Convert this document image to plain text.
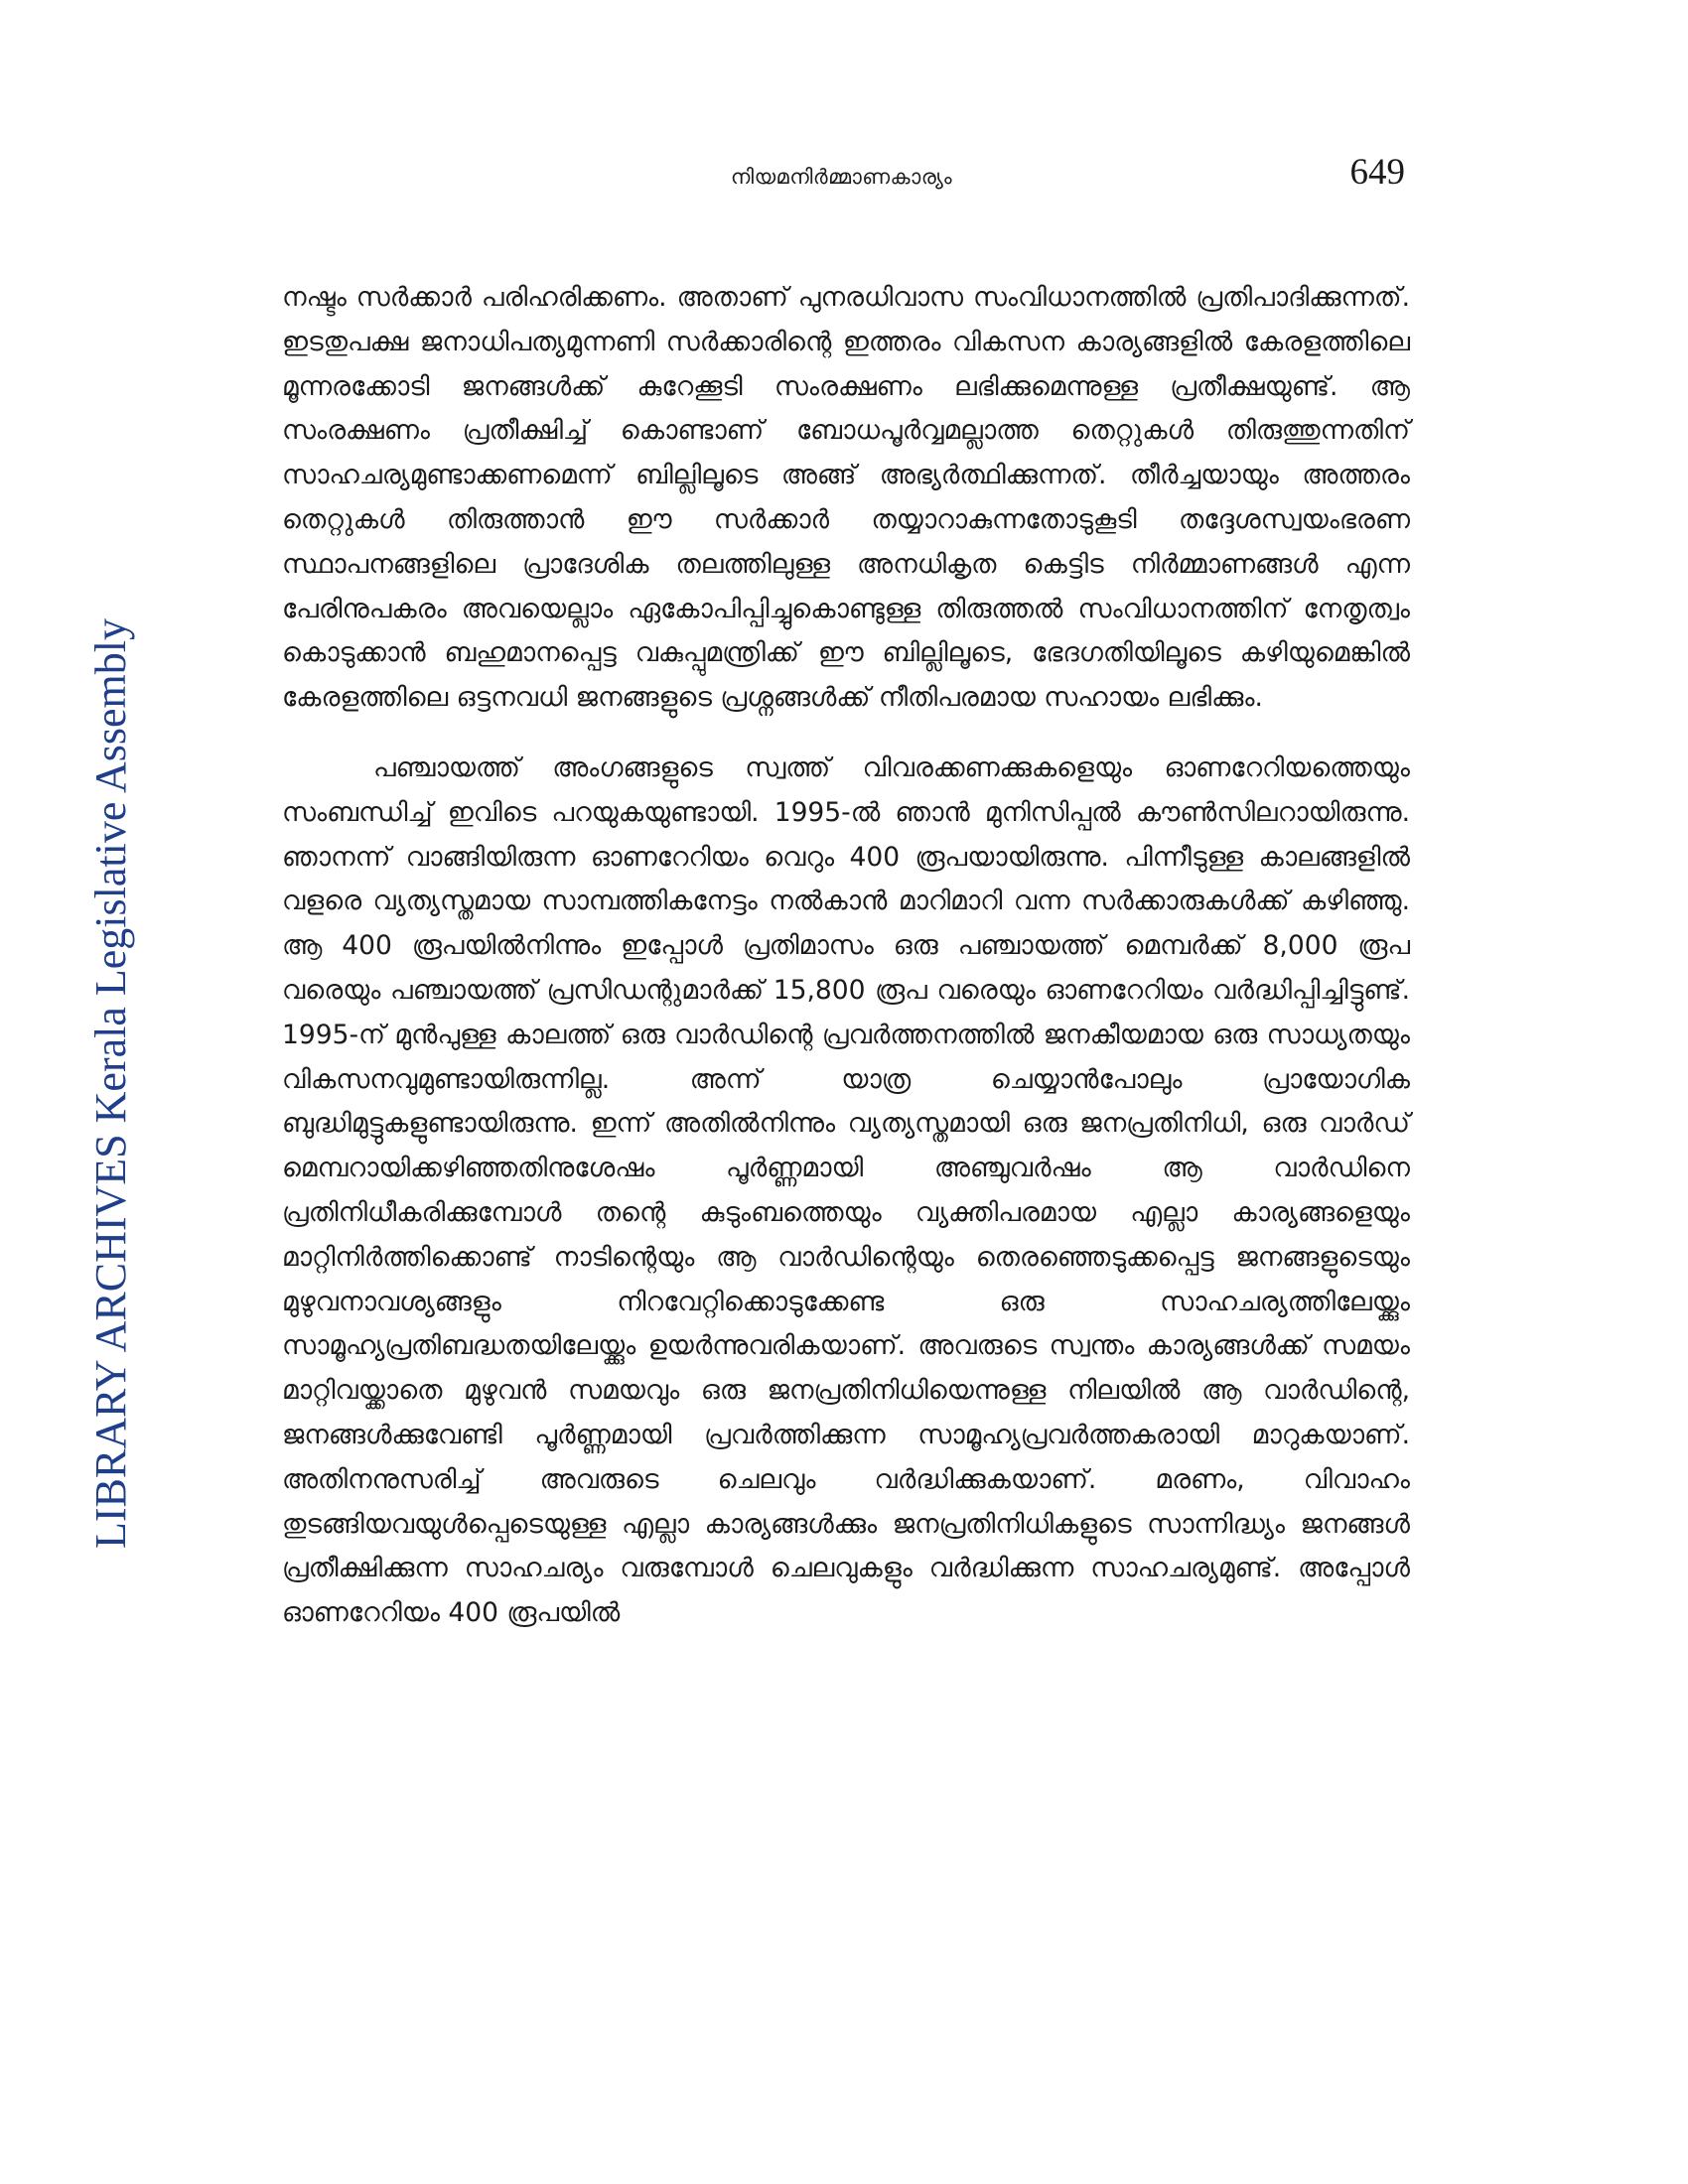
നിയമനിർമ്മാണകാര്യം	649
LIBRARY ARCHIVES Kerala Legislative Assembly

നഷ്ടം സർക്കാർ പരിഹരിക്കണം. അതാണ് പുനരധിവാസ സംവിധാനത്തിൽ പ്രതിപാദിക്കുന്നത്. ഇടതുപക്ഷ ജനാധിപത്യമുന്നണി സർക്കാരിന്റെ ഇത്തരം വികസന കാര്യങ്ങളിൽ കേരളത്തിലെ മൂന്നരക്കോടി ജനങ്ങൾക്ക് കുറേക്കൂടി സംരക്ഷണം ലഭിക്കുമെന്നുള്ള പ്രതീക്ഷയുണ്ട്. ആ സംരക്ഷണം പ്രതീക്ഷിച്ച് കൊണ്ടാണ് ബോധപൂർവ്വമല്ലാത്ത തെറ്റുകൾ തിരുത്തുന്നതിന് സാഹചര്യമുണ്ടാക്കണമെന്ന് ബില്ലിലൂടെ അങ്ങ് അഭ്യർത്ഥിക്കുന്നത്. തീർച്ചയായും അത്തരം തെറ്റുകൾ തിരുത്താൻ ഈ സർക്കാർ തയ്യാറാകുന്നതോടുകൂടി തദ്ദേശസ്വയംഭരണ സ്ഥാപനങ്ങളിലെ പ്രാദേശിക തലത്തിലുള്ള അനധികൃത കെട്ടിട നിർമ്മാണങ്ങൾ എന്ന പേരിനുപകരം അവയെല്ലാം ഏകോപിപ്പിച്ചുകൊണ്ടുള്ള തിരുത്തൽ സംവിധാനത്തിന് നേതൃത്വം കൊടുക്കാൻ ബഹുമാനപ്പെട്ട വകുപ്പുമന്ത്രിക്ക് ഈ ബില്ലിലൂടെ, ഭേദഗതിയിലൂടെ കഴിയുമെങ്കിൽ കേരളത്തിലെ ഒട്ടനവധി ജനങ്ങളുടെ പ്രശ്നങ്ങൾക്ക് നീതിപരമായ സഹായം ലഭിക്കും.

പഞ്ചായത്ത് അംഗങ്ങളുടെ സ്വത്ത് വിവരക്കണക്കുകളെയും ഓണറേറിയത്തെയും സംബന്ധിച്ച് ഇവിടെ പറയുകയുണ്ടായി. 1995-ൽ ഞാൻ മുനിസിപ്പൽ കൗൺസിലറായിരുന്നു. ഞാനന്ന് വാങ്ങിയിരുന്ന ഓണറേറിയം വെറും 400 രൂപയായിരുന്നു. പിന്നീടുള്ള കാലങ്ങളിൽ വളരെ വ്യത്യസ്തമായ സാമ്പത്തികനേട്ടം നൽകാൻ മാറിമാറി വന്ന സർക്കാരുകൾക്ക് കഴിഞ്ഞു. ആ 400 രൂപയിൽനിന്നും ഇപ്പോൾ പ്രതിമാസം ഒരു പഞ്ചായത്ത് മെമ്പർക്ക് 8,000 രൂപ വരെയും പഞ്ചായത്ത് പ്രസിഡന്റുമാർക്ക് 15,800 രൂപ വരെയും ഓണറേറിയം വർദ്ധിപ്പിച്ചിട്ടുണ്ട്. 1995-ന് മുൻപുള്ള കാലത്ത് ഒരു വാർഡിന്റെ പ്രവർത്തനത്തിൽ ജനകീയമായ ഒരു സാധ്യതയും വികസനവുമുണ്ടായിരുന്നില്ല. അന്ന് യാത്ര ചെയ്യാൻപോലും പ്രായോഗിക ബുദ്ധിമുട്ടുകളുണ്ടായിരുന്നു. ഇന്ന് അതിൽനിന്നും വ്യത്യസ്തമായി ഒരു ജനപ്രതിനിധി, ഒരു വാർഡ് മെമ്പറായിക്കഴിഞ്ഞതിനുശേഷം പൂർണ്ണമായി അഞ്ചുവർഷം ആ വാർഡിനെ പ്രതിനിധീകരിക്കുമ്പോൾ തന്റെ കുടുംബത്തെയും വ്യക്തിപരമായ എല്ലാ കാര്യങ്ങളെയും മാറ്റിനിർത്തിക്കൊണ്ട് നാടിന്റെയും ആ വാർഡിന്റെയും തെരഞ്ഞെടുക്കപ്പെട്ട ജനങ്ങളുടെയും മുഴുവനാവശ്യങ്ങളും നിറവേറ്റിക്കൊടുക്കേണ്ട ഒരു സാഹചര്യത്തിലേയ്ക്കും സാമൂഹ്യപ്രതിബദ്ധതയിലേയ്ക്കും ഉയർന്നുവരികയാണ്. അവരുടെ സ്വന്തം കാര്യങ്ങൾക്ക് സമയം മാറ്റിവയ്ക്കാതെ മുഴുവൻ സമയവും ഒരു ജനപ്രതിനിധിയെന്നുള്ള നിലയിൽ ആ വാർഡിന്റെ, ജനങ്ങൾക്കുവേണ്ടി പൂർണ്ണമായി പ്രവർത്തിക്കുന്ന സാമൂഹ്യപ്രവർത്തകരായി മാറുകയാണ്. അതിനനുസരിച്ച് അവരുടെ ചെലവും വർദ്ധിക്കുകയാണ്. മരണം, വിവാഹം തുടങ്ങിയവയുൾപ്പെടെയുള്ള എല്ലാ കാര്യങ്ങൾക്കും ജനപ്രതിനിധികളുടെ സാന്നിദ്ധ്യം ജനങ്ങൾ പ്രതീക്ഷിക്കുന്ന സാഹചര്യം വരുമ്പോൾ ചെലവുകളും വർദ്ധിക്കുന്ന സാഹചര്യമുണ്ട്. അപ്പോൾ ഓണറേറിയം 400 രൂപയിൽ
